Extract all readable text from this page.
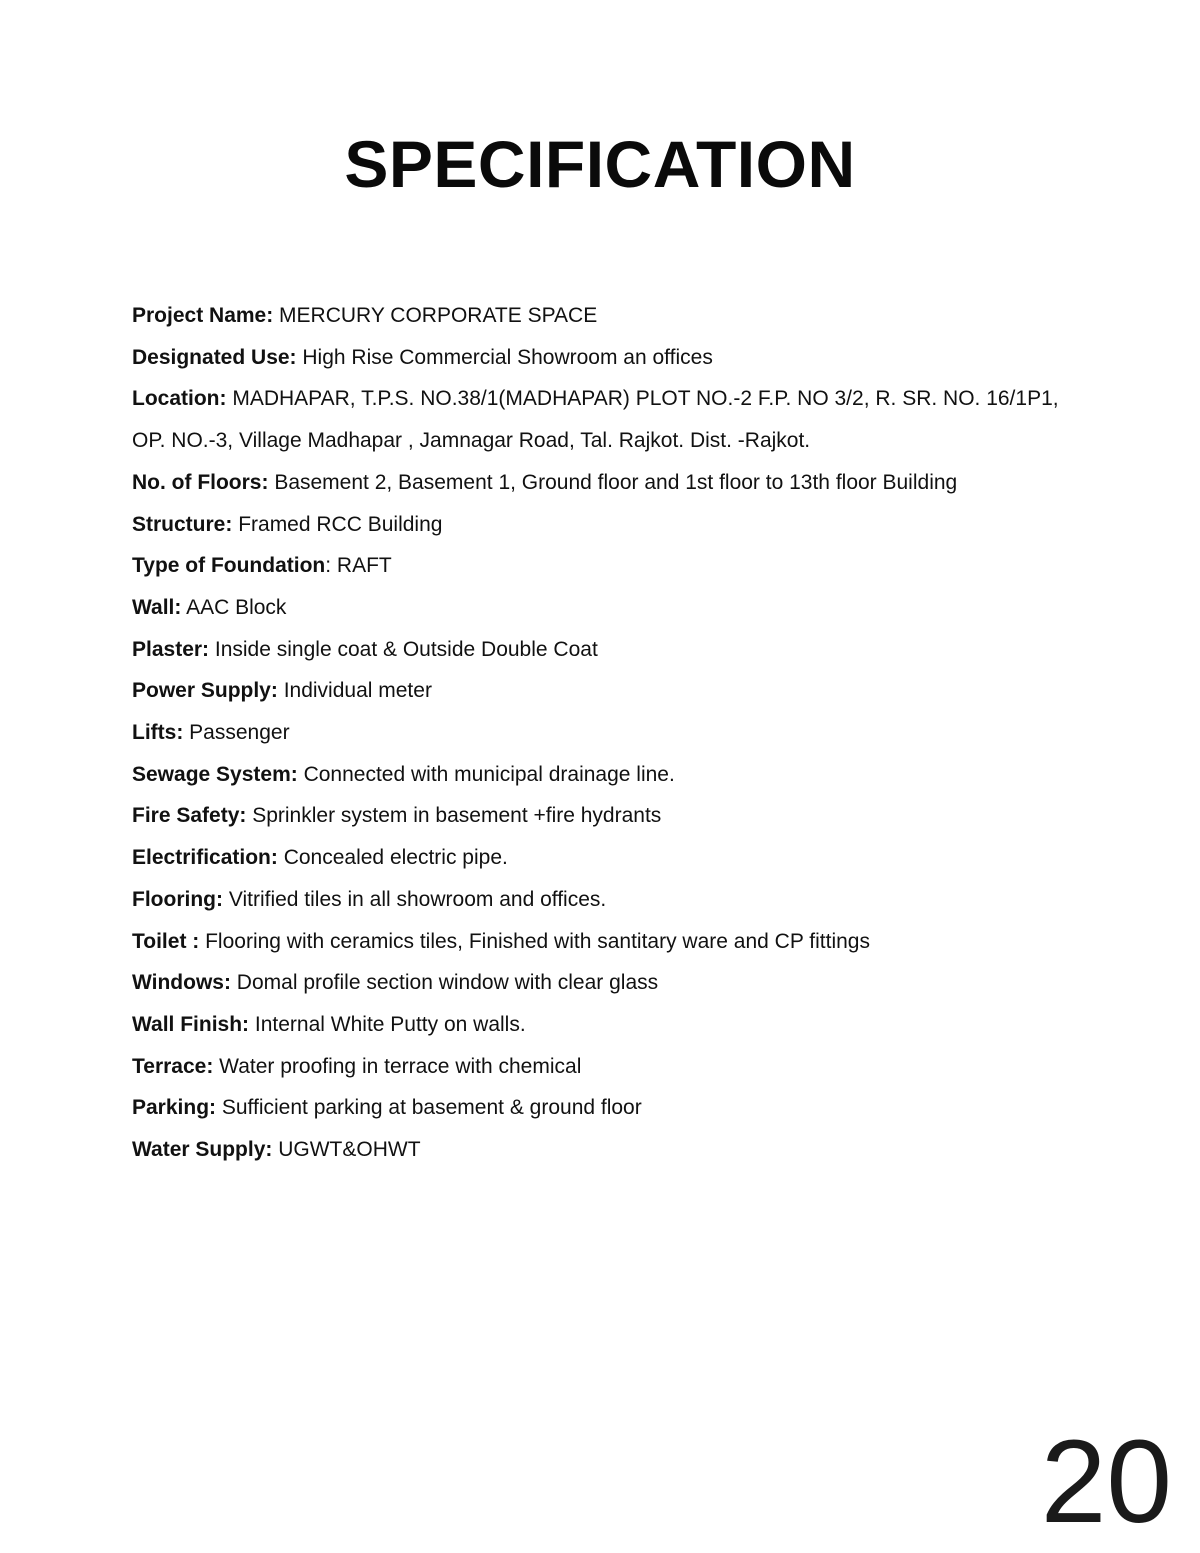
SPECIFICATION
Project Name: MERCURY CORPORATE SPACE
Designated Use: High Rise Commercial Showroom an offices
Location: MADHAPAR, T.P.S. NO.38/1(MADHAPAR) PLOT NO.-2 F.P. NO 3/2, R. SR. NO. 16/1P1,
OP. NO.-3, Village Madhapar , Jamnagar Road, Tal. Rajkot. Dist. -Rajkot.
No. of Floors: Basement 2, Basement 1, Ground floor and 1st floor to 13th floor Building
Structure: Framed RCC Building
Type of Foundation: RAFT
Wall: AAC Block
Plaster: Inside single coat & Outside Double Coat
Power Supply: Individual meter
Lifts: Passenger
Sewage System: Connected with municipal drainage line.
Fire Safety: Sprinkler system in basement +fire hydrants
Electrification: Concealed electric pipe.
Flooring: Vitrified tiles in all showroom and offices.
Toilet : Flooring with ceramics tiles, Finished with santitary ware and CP fittings
Windows: Domal profile section window with clear glass
Wall Finish: Internal White Putty on walls.
Terrace: Water proofing in terrace with chemical
Parking: Sufficient parking at basement & ground floor
Water Supply: UGWT&OHWT
20
